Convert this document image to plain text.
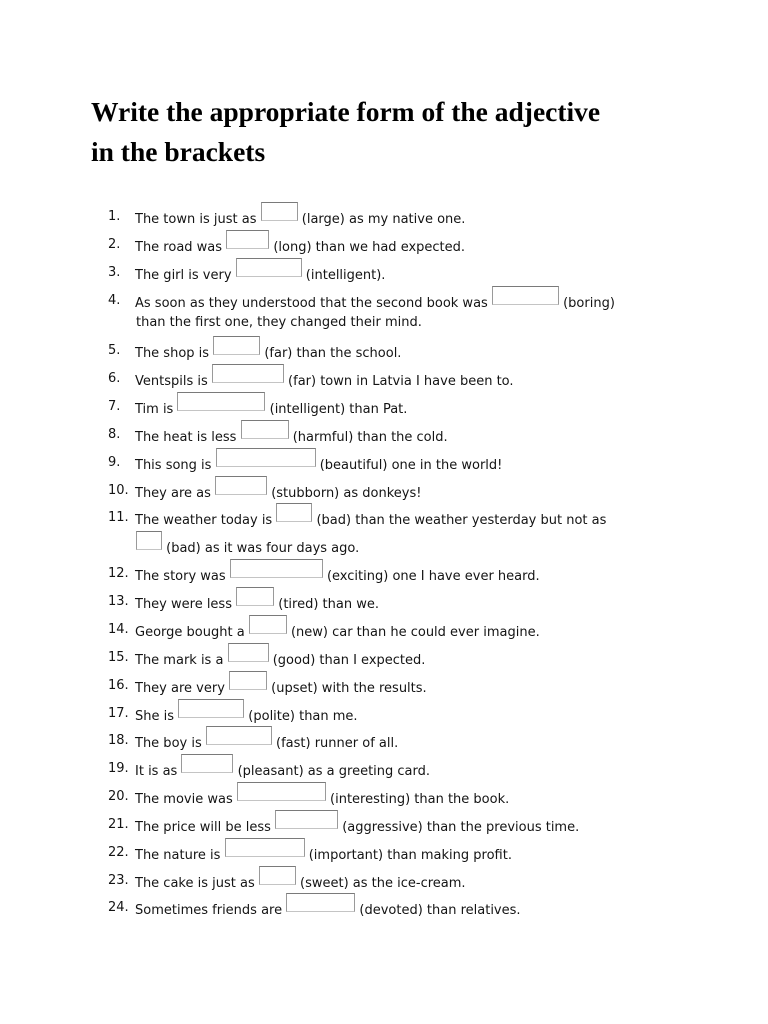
Write the appropriate form of the adjective
in the brackets
1. The town is just as	(large) as my native one.
2. The road was	(long) than we had expected.
3. The girl is very	(intelligent).
4. As soon as they understood that the second book was	(boring)
than the first one, they changed their mind.
5. The shop is	(far) than the school.
6. Ventspils is	(far) town in Latvia I have been to.
7. Tim is	(intelligent) than Pat.
8. The heat is less	(harmful) than the cold.
9. This song is	(beautiful) one in the world!
10. They are as	(stubborn) as donkeys!
11. The weather today is	(bad) than the weather yesterday but not as
(bad) as it was four days ago.
12. The story was	(exciting) one I have ever heard.
13. They were less	(tired) than we.
14. George bought a	(new) car than he could ever imagine.
15. The mark is a	(good) than I expected.
16. They are very	(upset) with the results.
17. She is	(polite) than me.
18. The boy is	(fast) runner of all.
19. It is as	(pleasant) as a greeting card.
20. The movie was	(interesting) than the book.
21. The price will be less	(aggressive) than the previous time.
22. The nature is	(important) than making profit.
23. The cake is just as	(sweet) as the ice-cream.
24. Sometimes friends are	(devoted) than relatives.
